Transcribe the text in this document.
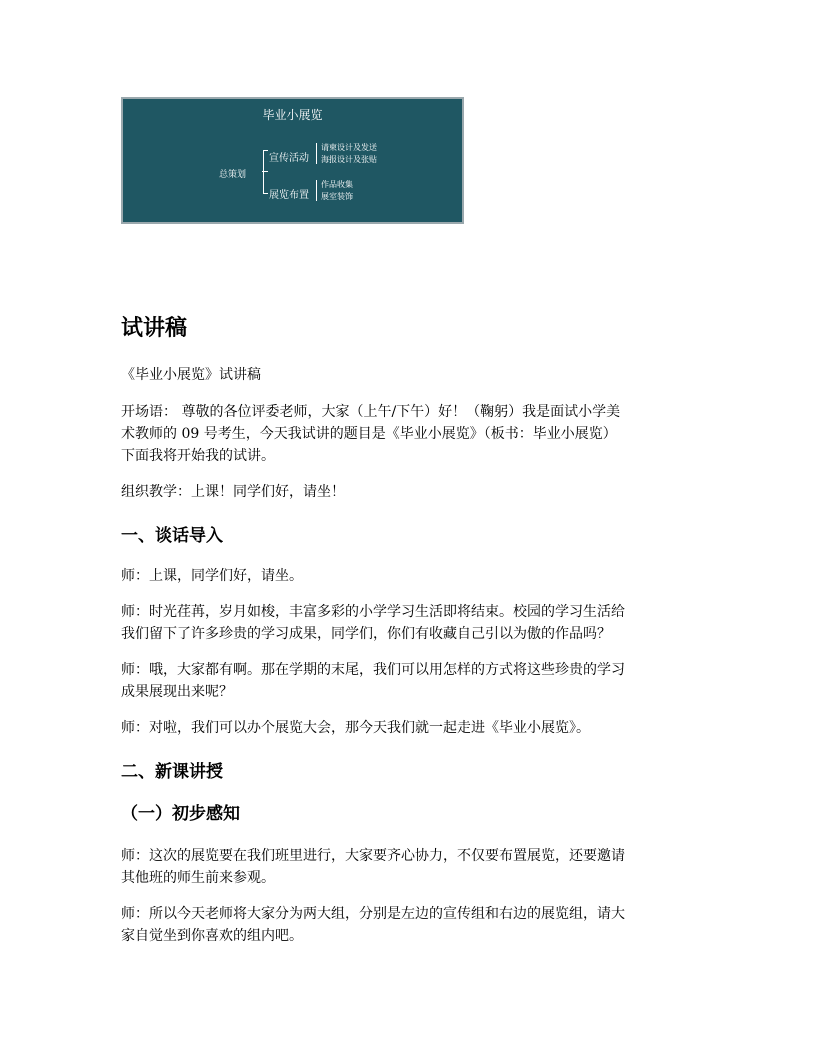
毕业小展览
总策划
宣传活动
请柬设计及发送
海报设计及张贴
展览布置
作品收集
展室装饰
试讲稿

《毕业小展览》试讲稿

开场语： 尊敬的各位评委老师，大家（上午/下午）好！（鞠躬）我是面试小学美

术教师的 09 号考生，今天我试讲的题目是《毕业小展览》（板书：毕业小展览）

下面我将开始我的试讲。

组织教学：上课！同学们好，请坐！

一、谈话导入

师：上课，同学们好，请坐。

师：时光荏苒，岁月如梭，丰富多彩的小学学习生活即将结束。校园的学习生活给

我们留下了许多珍贵的学习成果，同学们，你们有收藏自己引以为傲的作品吗？

师：哦，大家都有啊。那在学期的末尾，我们可以用怎样的方式将这些珍贵的学习

成果展现出来呢？

师：对啦，我们可以办个展览大会，那今天我们就一起走进《毕业小展览》。

二、新课讲授
（一）初步感知

师：这次的展览要在我们班里进行，大家要齐心协力，不仅要布置展览，还要邀请

其他班的师生前来参观。

师：所以今天老师将大家分为两大组，分别是左边的宣传组和右边的展览组，请大

家自觉坐到你喜欢的组内吧。
